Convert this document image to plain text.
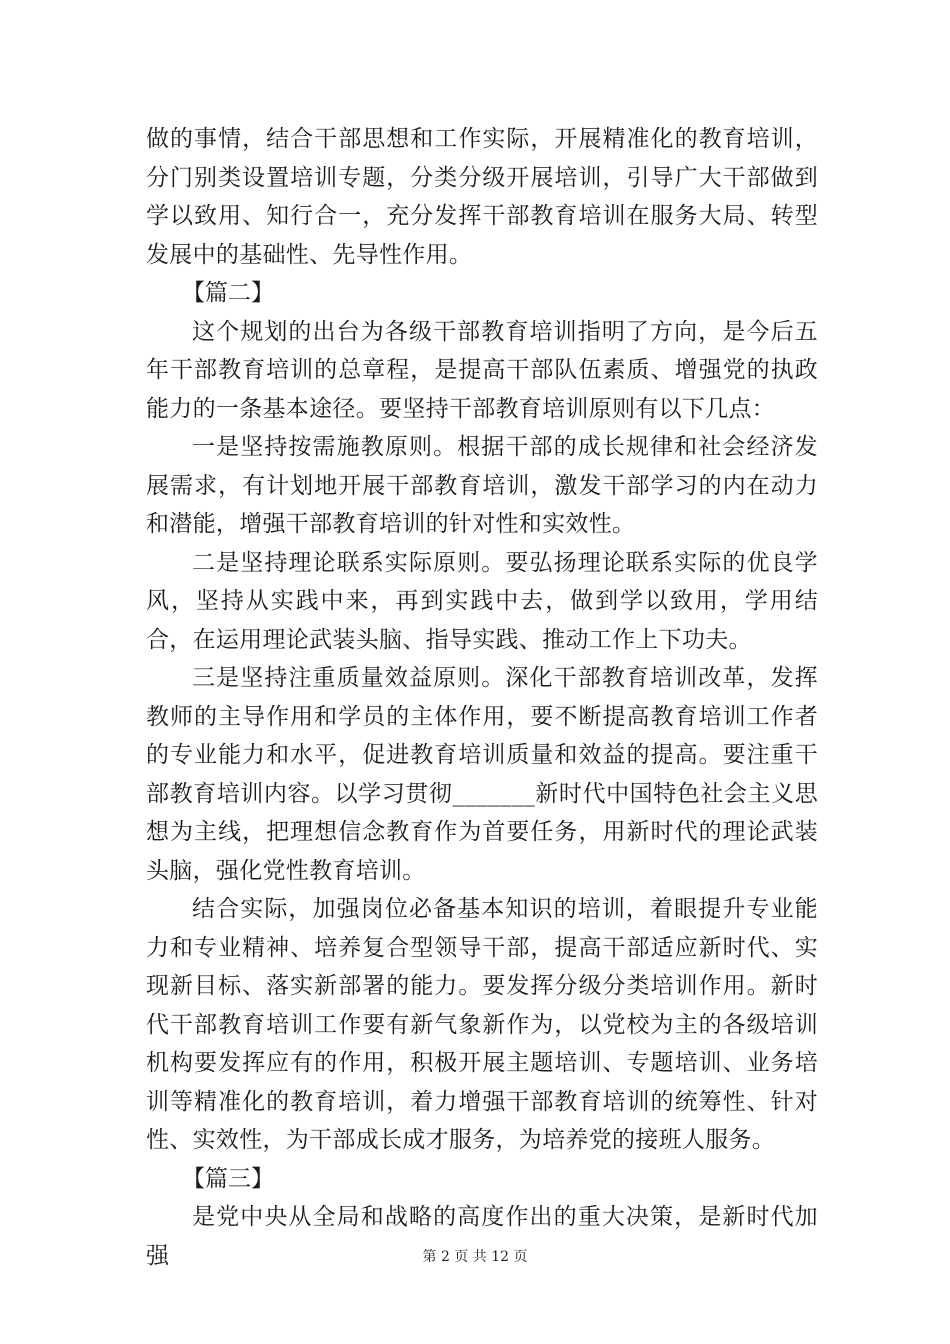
做的事情，结合干部思想和工作实际，开展精准化的教育培训，分门别类设置培训专题，分类分级开展培训，引导广大干部做到学以致用、知行合一，充分发挥干部教育培训在服务大局、转型发展中的基础性、先导性作用。

【篇二】

这个规划的出台为各级干部教育培训指明了方向，是今后五年干部教育培训的总章程，是提高干部队伍素质、增强党的执政能力的一条基本途径。要坚持干部教育培训原则有以下几点：

一是坚持按需施教原则。根据干部的成长规律和社会经济发展需求，有计划地开展干部教育培训，激发干部学习的内在动力和潜能，增强干部教育培训的针对性和实效性。

二是坚持理论联系实际原则。要弘扬理论联系实际的优良学风，坚持从实践中来，再到实践中去，做到学以致用，学用结合，在运用理论武装头脑、指导实践、推动工作上下功夫。

三是坚持注重质量效益原则。深化干部教育培训改革，发挥教师的主导作用和学员的主体作用，要不断提高教育培训工作者的专业能力和水平，促进教育培训质量和效益的提高。要注重干部教育培训内容。以学习贯彻_______新时代中国特色社会主义思想为主线，把理想信念教育作为首要任务，用新时代的理论武装头脑，强化党性教育培训。

结合实际，加强岗位必备基本知识的培训，着眼提升专业能力和专业精神、培养复合型领导干部，提高干部适应新时代、实现新目标、落实新部署的能力。要发挥分级分类培训作用。新时代干部教育培训工作要有新气象新作为，以党校为主的各级培训机构要发挥应有的作用，积极开展主题培训、专题培训、业务培训等精准化的教育培训，着力增强干部教育培训的统筹性、针对性、实效性，为干部成长成才服务，为培养党的接班人服务。

【篇三】

是党中央从全局和战略的高度作出的重大决策，是新时代加强	第 2 页 共 12 页
